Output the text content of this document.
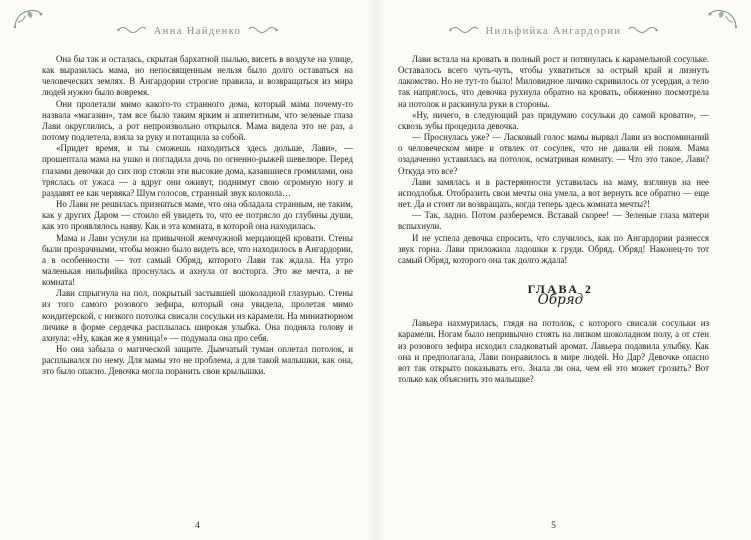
Анна Найденко

Она бы так и осталась, скрытая бархатной пылью, висеть в воздухе на улице, как выразилась мама, но непосвященным нельзя было долго оставаться на человеческих землях. В Ангардории строгие правила, и возвращаться из мира людей нужно было вовремя.

Они пролетали мимо какого-то странного дома, который мама почему-то назвала «магазин», там все было таким ярким и аппетитным, что зеленые глаза Лави округлились, а рот непроизвольно открылся. Мама видела это не раз, а потому подлетела, взяла за руку и потащила за собой.

«Придет время, и ты сможешь находиться здесь дольше, Лави», — прошептала мама на ушко и погладила дочь по огненно-рыжей шевелюре. Перед глазами девочки до сих пор стояли эти высокие дома, казавшиеся громилами, она тряслась от ужаса — а вдруг они оживут, поднимут свою огромную ногу и раздавят ее как червяка? Шум голосов, странный звук колокола…

Но Лави не решилась признаться маме, что она обладала странным, не таким, как у других Даром — стоило ей увидеть то, что ее потрясло до глубины души, как это проявлялось наяву. Как и эта комната, в которой она находилась.

Мама и Лави уснули на привычной жемчужной мерцающей кровати. Стены были прозрачными, чтобы можно было видеть все, что находилось в Ангардории, а в особенности — тот самый Обряд, которого Лави так ждала. На утро маленькая нильфийка проснулась и ахнула от восторга. Это же мечта, а не комната!

Лави спрыгнула на пол, покрытый застывшей шоколадной глазурью. Стены из того самого розового зефира, который она увидела, пролетая мимо кондитерской, с низкого потолка свисали сосульки из карамели. На миниатюрном личике в форме сердечка расплылась широкая улыбка. Она подняла голову и ахнула: «Ну, какая же я умница!» — подумала она про себя.

Но она забыла о магической защите. Дымчатый туман оплетал потолок, и расплывался по нему. Для мамы это не проблема, а для такой малышки, как она, это было опасно. Девочка могла поранить свои крылышки.

4
Нильфийка Ангардории

Лави встала на кровать в полный рост и потянулась к карамельной сосульке. Оставалось всего чуть-чуть, чтобы ухватиться за острый край и лизнуть лакомство. Но не тут-то было! Миловидное личико скривилось от усердия, а тело так напряглось, что девочка рухнула обратно на кровать, обиженно посмотрела на потолок и раскинула руки в стороны.

«Ну, ничего, в следующий раз придумаю сосульки до самой кровати», — сквозь зубы процедила девочка.

— Проснулась уже? — Ласковый голос мамы вырвал Лави из воспоминаний о человеческом мире и отвлек от сосулек, что не давали ей покоя. Мама озадаченно уставилась на потолок, осматривая комнату. — Что это такое, Лави? Откуда это все?

Лави замялась и в растерянности уставилась на маму, взглянув на нее исподлобья. Отобразить свои мечты она умела, а вот вернуть все обратно — еще нет. Да и стоит ли возвращать, когда теперь здесь комната мечты?!

— Так, ладно. Потом разберемся. Вставай скорее! — Зеленые глаза матери вспыхнули.

И не успела девочка спросить, что случилось, как по Ангардории разнесся звук горна. Лави приложила ладошки к груди. Обряд. Обряд! Наконец-то тот самый Обряд, которого она так долго ждала!

ГЛАВА 2

Обряд

Лавьера нахмурилась, глядя на потолок, с которого свисали сосульки из карамели. Ногам было непривычно стоять на липком шоколадном полу, а от стен из розового зефира исходил сладковатый аромат. Лавьера подавила улыбку. Как она и предполагала, Лави понравилось в мире людей. Но Дар? Девочке опасно вот так открыто показывать его. Знала ли она, чем ей это может грозить? Вот только как объяснить это малышке?

5
